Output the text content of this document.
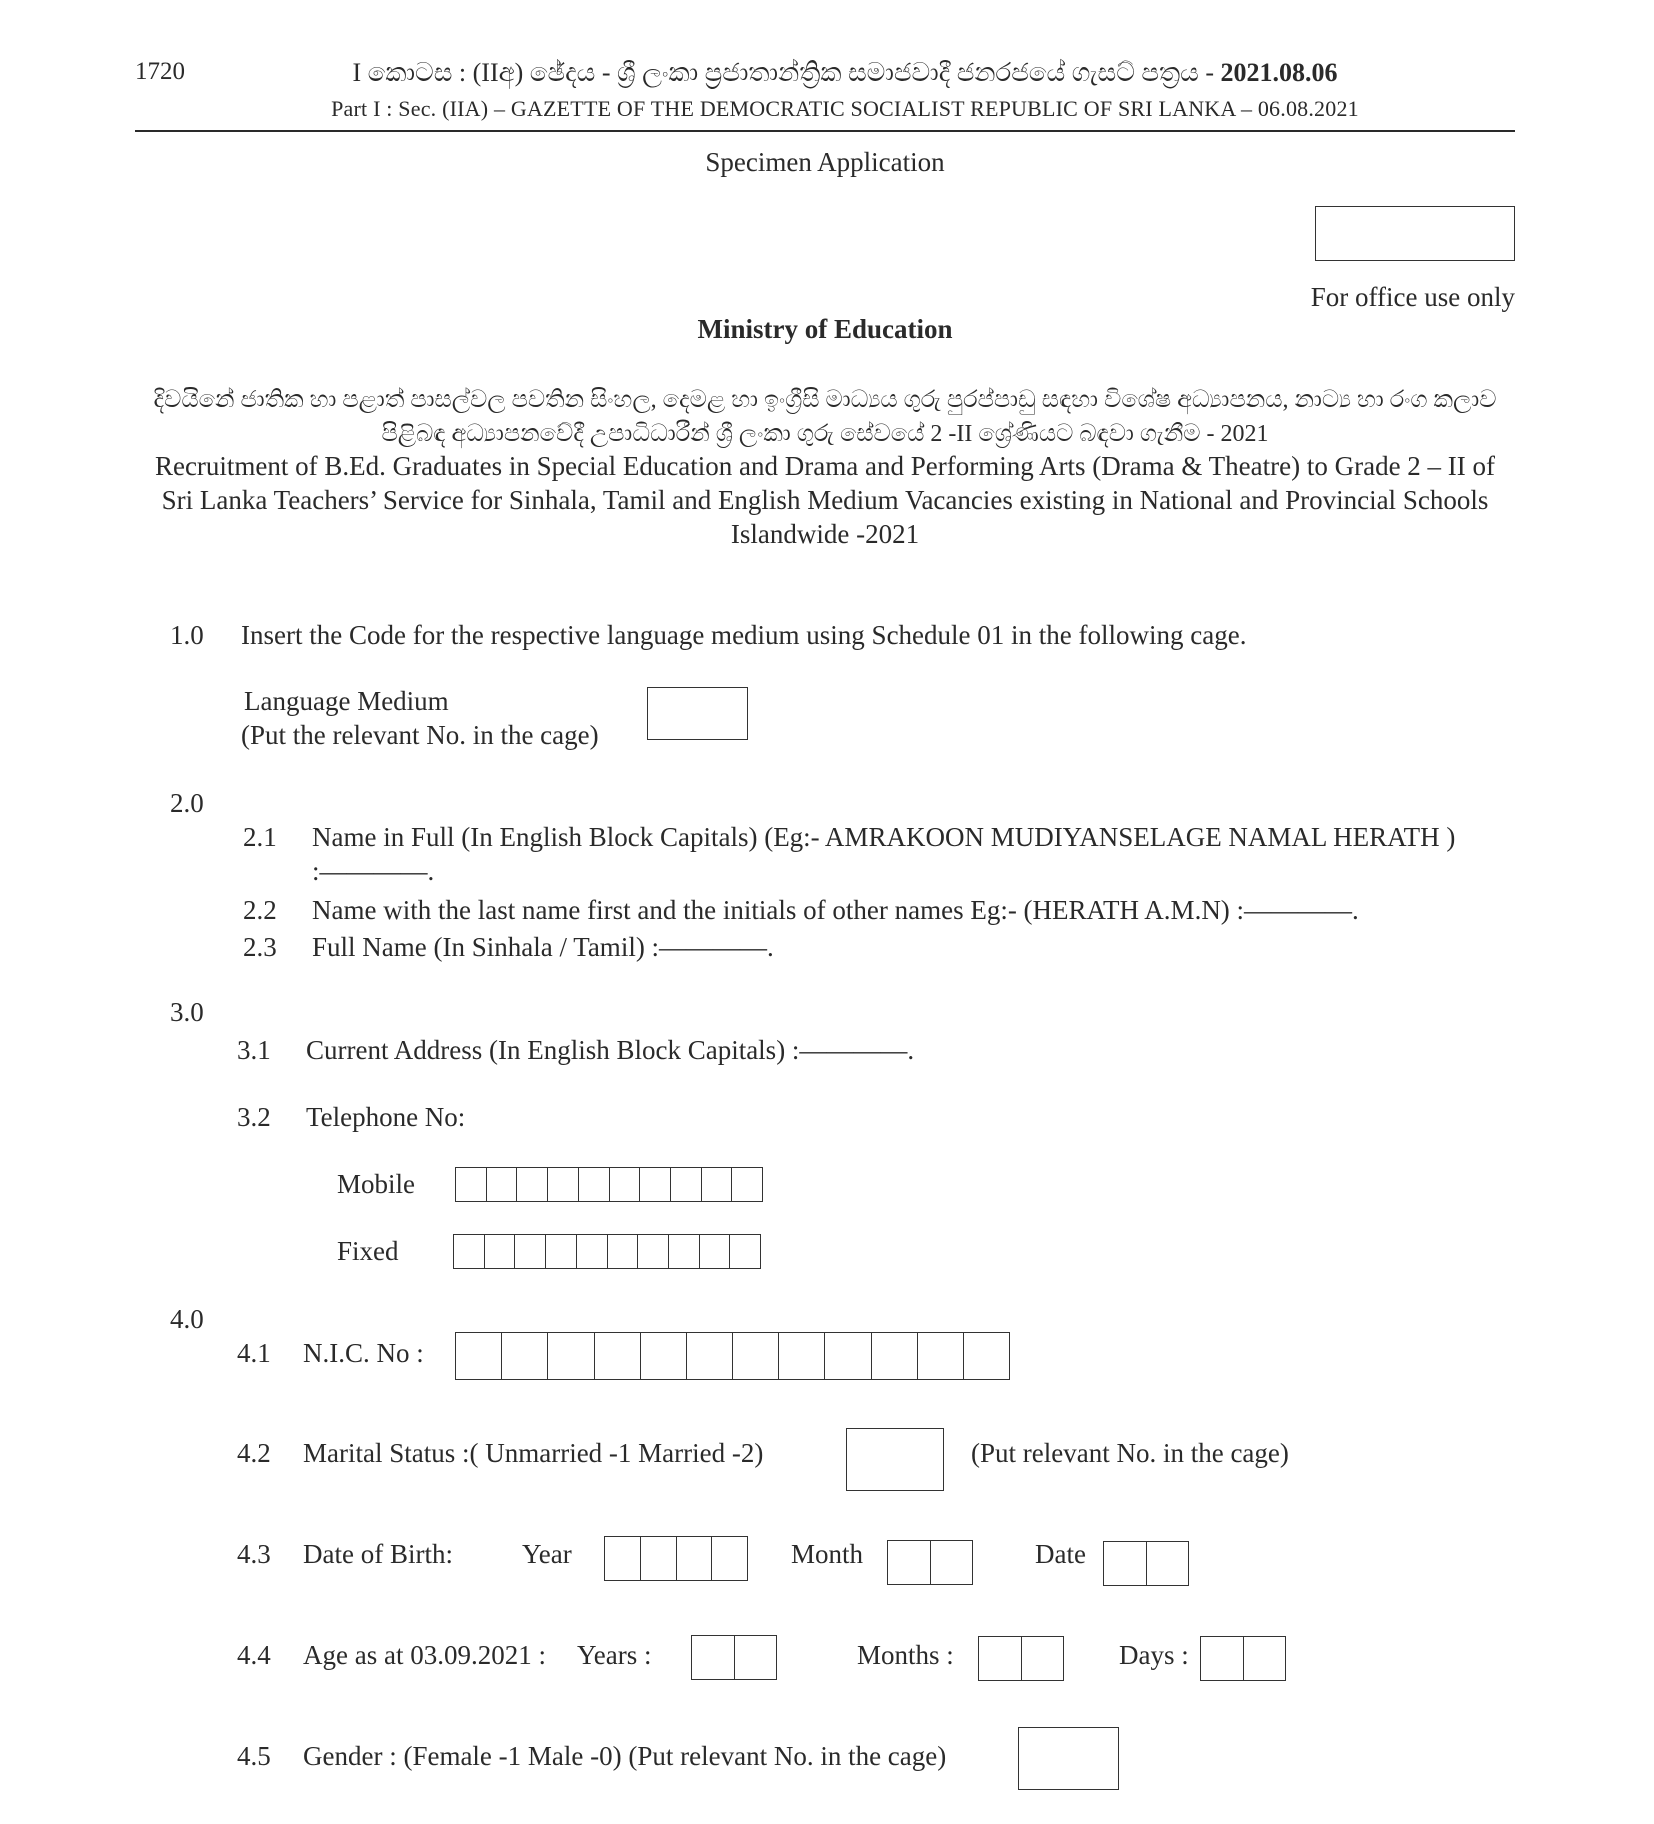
1720	I කොටස : (IIඅ) ඡේදය - ශ්‍රී ලංකා ප්‍රජාතාන්ත්‍රික සමාජවාදී ජනරජයේ ගැසට් පත්‍රය - 2021.08.06
Part I : Sec. (IIA) – GAZETTE OF THE DEMOCRATIC SOCIALIST REPUBLIC OF SRI LANKA – 06.08.2021
Specimen Application
For office use only
Ministry of Education
දිවයිනේ ජාතික හා පළාත් පාසල්වල පවතින සිංහල, දෙමළ හා ඉංග්‍රීසි මාධ්‍යය ගුරු පුරප්පාඩු සඳහා විශේෂ අධ්‍යාපනය, නාට්‍ය හා රංග කලාව පිළිබඳ අධ්‍යාපනවේදී උපාධිධාරීන් ශ්‍රී ලංකා ගුරු සේවයේ 2 -II ශ්‍රේණියට බඳවා ගැනීම - 2021
Recruitment of B.Ed. Graduates in Special Education and Drama and Performing Arts (Drama & Theatre) to Grade 2 – II of Sri Lanka Teachers’ Service for Sinhala, Tamil and English Medium Vacancies existing in National and Provincial Schools Islandwide -2021
1.0 Insert the Code for the respective language medium using Schedule 01 in the following cage.
Language Medium
(Put the relevant No. in the cage)
2.0
2.1 Name in Full (In English Block Capitals) (Eg:- AMRAKOON MUDIYANSELAGE NAMAL HERATH )
:————.
2.2 Name with the last name first and the initials of other names Eg:- (HERATH A.M.N) :————.
2.3 Full Name (In Sinhala / Tamil) :————.
3.0
3.1 Current Address (In English Block Capitals) :————.
3.2 Telephone No:
Mobile
Fixed
4.0
4.1 N.I.C. No :
4.2 Marital Status :( Unmarried -1 Married -2)	(Put relevant No. in the cage)
4.3 Date of Birth:	Year	Month	Date
4.4 Age as at 03.09.2021 : Years :	Months :	Days :
4.5 Gender : (Female -1 Male -0) (Put relevant No. in the cage)
